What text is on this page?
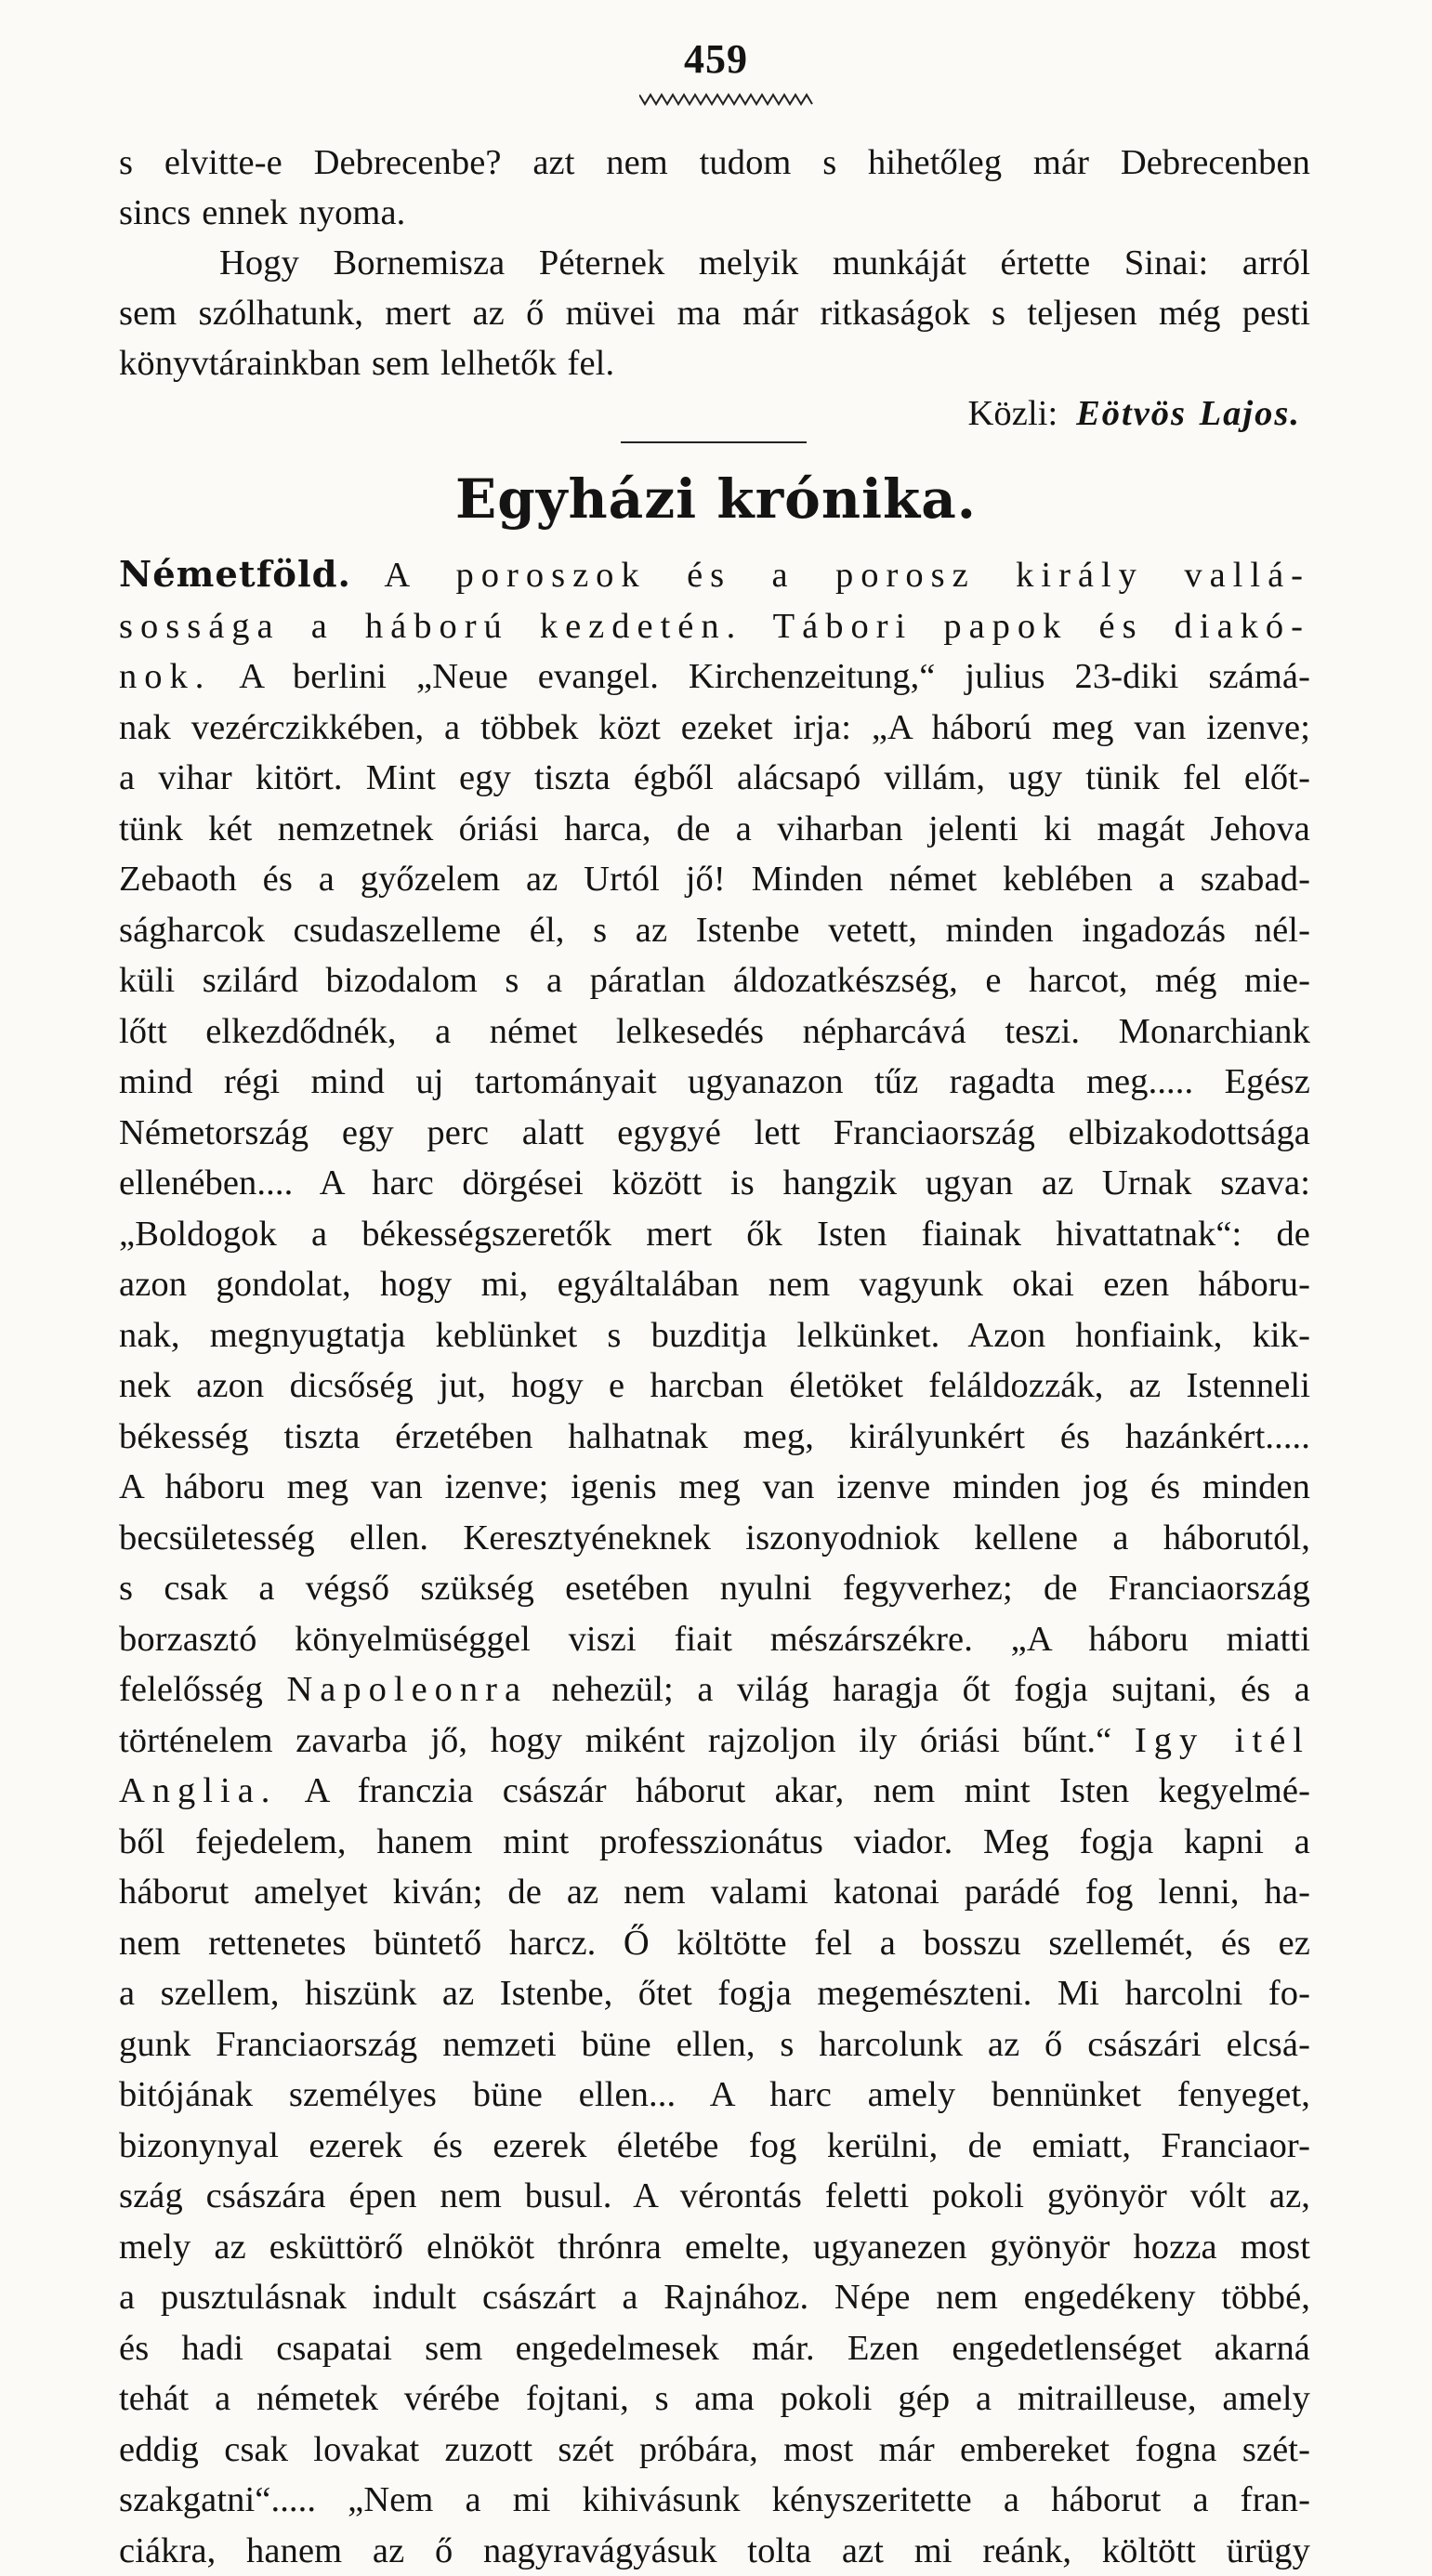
459
s elvitte-e Debrecenbe? azt nem tudom s hihetőleg már Debrecenben
sincs ennek nyoma.
Hogy Bornemisza Péternek melyik munkáját értette Sinai: arról
sem szólhatunk, mert az ő müvei ma már ritkaságok s teljesen még pesti
könyvtárainkban sem lelhetők fel.
Közli: Eötvös Lajos.
Egyházi krónika.
Németföld. A poroszok és a porosz király vallá-
sossága a háború kezdetén. Tábori papok és diakó-
nok. A berlini „Neue evangel. Kirchenzeitung,“ julius 23-diki számá-
nak vezérczikkében, a többek közt ezeket irja: „A háború meg van izenve;
a vihar kitört. Mint egy tiszta égből alácsapó villám, ugy tünik fel előt-
tünk két nemzetnek óriási harca, de a viharban jelenti ki magát Jehova
Zebaoth és a győzelem az Urtól jő! Minden német keblében a szabad-
ságharcok csudaszelleme él, s az Istenbe vetett, minden ingadozás nél-
küli szilárd bizodalom s a páratlan áldozatkészség, e harcot, még mie-
lőtt elkezdődnék, a német lelkesedés népharcává teszi. Monarchiank
mind régi mind uj tartományait ugyanazon tűz ragadta meg..... Egész
Németország egy perc alatt egygyé lett Franciaország elbizakodottsága
ellenében.... A harc dörgései között is hangzik ugyan az Urnak szava:
„Boldogok a békességszeretők mert ők Isten fiainak hivattatnak“: de
azon gondolat, hogy mi, egyáltalában nem vagyunk okai ezen háboru-
nak, megnyugtatja keblünket s buzditja lelkünket. Azon honfiaink, kik-
nek azon dicsőség jut, hogy e harcban életöket feláldozzák, az Istenneli
békesség tiszta érzetében halhatnak meg, királyunkért és hazánkért.....
A háboru meg van izenve; igenis meg van izenve minden jog és minden
becsületesség ellen. Keresztyéneknek iszonyodniok kellene a háborutól,
s csak a végső szükség esetében nyulni fegyverhez; de Franciaország
borzasztó könyelmüséggel viszi fiait mészárszékre. „A háboru miatti
felelősség Napoleonra nehezül; a világ haragja őt fogja sujtani, és a
történelem zavarba jő, hogy miként rajzoljon ily óriási bűnt.“ Igy itél
Anglia. A franczia császár háborut akar, nem mint Isten kegyelmé-
ből fejedelem, hanem mint professzionátus viador. Meg fogja kapni a
háborut amelyet kiván; de az nem valami katonai parádé fog lenni, ha-
nem rettenetes büntető harcz. Ő költötte fel a bosszu szellemét, és ez
a szellem, hiszünk az Istenbe, őtet fogja megemészteni. Mi harcolni fo-
gunk Franciaország nemzeti büne ellen, s harcolunk az ő császári elcsá-
bitójának személyes büne ellen... A harc amely bennünket fenyeget,
bizonynyal ezerek és ezerek életébe fog kerülni, de emiatt, Franciaor-
szág császára épen nem busul. A vérontás feletti pokoli gyönyör vólt az,
mely az esküttörő elnököt thrónra emelte, ugyanezen gyönyör hozza most
a pusztulásnak indult császárt a Rajnához. Népe nem engedékeny többé,
és hadi csapatai sem engedelmesek már. Ezen engedetlenséget akarná
tehát a németek vérébe fojtani, s ama pokoli gép a mitrailleuse, amely
eddig csak lovakat zuzott szét próbára, most már embereket fogna szét-
szakgatni“..... „Nem a mi kihivásunk kényszeritette a háborut a fran-
ciákra, hanem az ő nagyravágyásuk tolta azt mi reánk, költött ürügy
